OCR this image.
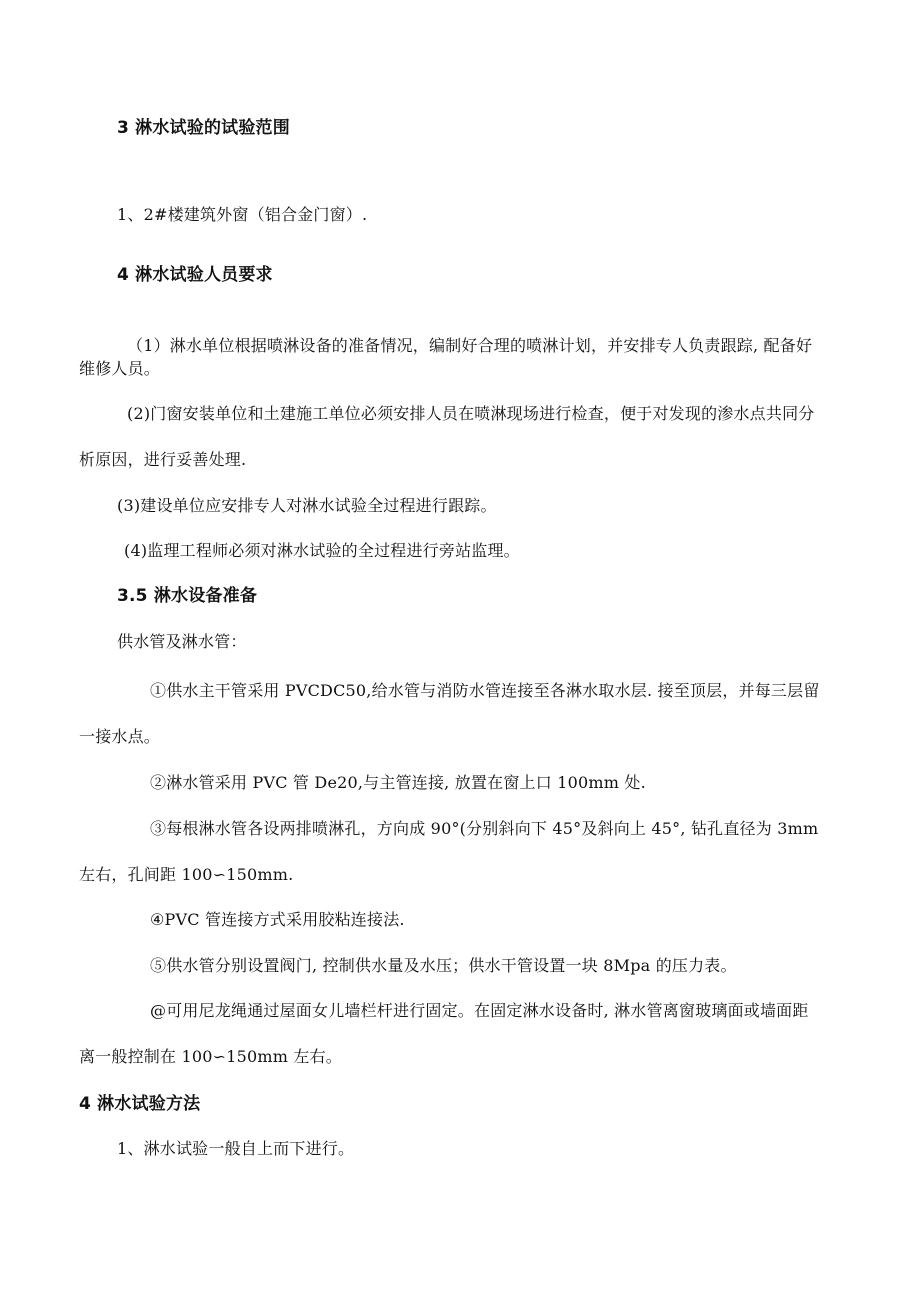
3 淋水试验的试验范围
1、2#楼建筑外窗（铝合金门窗）.
4 淋水试验人员要求
（1）淋水单位根据喷淋设备的准备情况，编制好合理的喷淋计划，并安排专人负责跟踪, 配备好
维修人员。
(2)门窗安装单位和土建施工单位必须安排人员在喷淋现场进行检查，便于对发现的渗水点共同分
析原因，进行妥善处理.
(3)建设单位应安排专人对淋水试验全过程进行跟踪。
(4)监理工程师必须对淋水试验的全过程进行旁站监理。
3.5 淋水设备准备
供水管及淋水管：
①供水主干管采用 PVCDC50,给水管与消防水管连接至各淋水取水层. 接至顶层，并每三层留
一接水点。
②淋水管采用 PVC 管 De20,与主管连接, 放置在窗上口 100mm 处.
③每根淋水管各设两排喷淋孔，方向成 90°(分别斜向下 45°及斜向上 45°, 钻孔直径为 3mm
左右，孔间距 100∽150mm.
④PVC 管连接方式采用胶粘连接法.
⑤供水管分别设置阀门, 控制供水量及水压；供水干管设置一块 8Mpa 的压力表。
@可用尼龙绳通过屋面女儿墙栏杆进行固定。在固定淋水设备时, 淋水管离窗玻璃面或墙面距
离一般控制在 100∽150mm 左右。
4 淋水试验方法
1、淋水试验一般自上而下进行。
